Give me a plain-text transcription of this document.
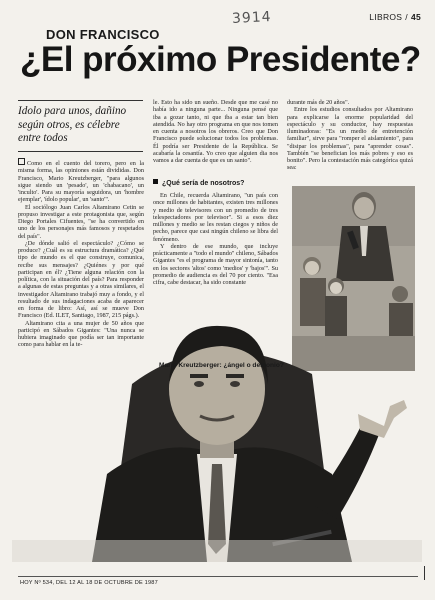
3914	LIBROS / 45
DON FRANCISCO
¿El próximo Presidente?
Idolo para unos, dañino según otros, es célebre entre todos

Como en el cuento del torero, pero en la misma forma, las opiniones están divididas. Don Francisco, Mario Kreutzberger, "para algunos sigue siendo un 'pesado', un 'chabacano', un 'inculto'. Para su mayoría seguidora, un 'hombre ejemplar', 'ídolo popular', un 'santo'".

El sociólogo Juan Carlos Altamirano Cetin se propuso investigar a este protagonista que, según Diego Portales Cifuentes, "se ha convertido en uno de los personajes más famosos y respetados del país".

¿De dónde salió el espectáculo? ¿Cómo se produce? ¿Cuál es su estructura dramática? ¿Qué tipo de mundo es el que construye, comunica, recibe sus mensajes? ¿Quiénes y por qué participan en él? ¿Tiene alguna relación con la política, con la situación del país? Para responder a algunas de estas preguntas y a otras similares, el investigador Altamirano trabajó muy a fondo, y el resultado de sus indagaciones acaba de aparecer en forma de libro: Así, así se mueve Don Francisco (Ed. ILET, Santiago, 1987, 215 págs.).

Altamirano cita a una mujer de 50 años que participó en Sábados Gigantes: "Una nunca se hubiera imaginado que podía ser tan importante como para hablar en la te-

le. Esto ha sido un sueño. Desde que me casé no había ido a ninguna parte... Ninguna pensé que iba a gozar tanto, ni que iba a estar tan bien atendida. No hay otro programa en que nos tomen en cuenta a nosotros los obreros. Creo que Don Francisco puede solucionar todos los problemas. Él podría ser Presidente de la República. Se acabaría la cesantía. Yo creo que alguien dia nos vamos a dar cuenta de que es un santo".

¿Qué sería de nosotros?

En Chile, recuerda Altamirano, "un país con once millones de habitantes, existen tres millones y medio de televisores con un promedio de tres telespectadores por televisor". Si a esos diez millones y medio se les restan ciegos y niños de pecho, parece que casi ningún chileno se libra del fenómeno.

Y dentro de ese mundo, que incluye prácticamente a "todo el mundo" chileno, Sábados Gigantes "es el programa de mayor sintonía, tanto en los sectores 'altos' como 'medios' y 'bajos'". Su promedio de audiencia es del 70 por ciento. "Esa cifra, cabe destacar, ha sido constante

durante más de 20 años".

Entre los estudios consultados por Altamirano para explicarse la enorme popularidad del espectáculo y su conductor, hay respuestas iluminadoras: "Es un medio de entretención familiar", sirve para "romper el aislamiento", para "disipar los problemas", para "aprender cosas". También "se benefician los más pobres y eso es bonito". Pero la contestación más categórica quizá sea:

Mario Kreutzberger: ¿ángel o demonio?
HOY Nº 534, DEL 12 AL 18 DE OCTUBRE DE 1987
